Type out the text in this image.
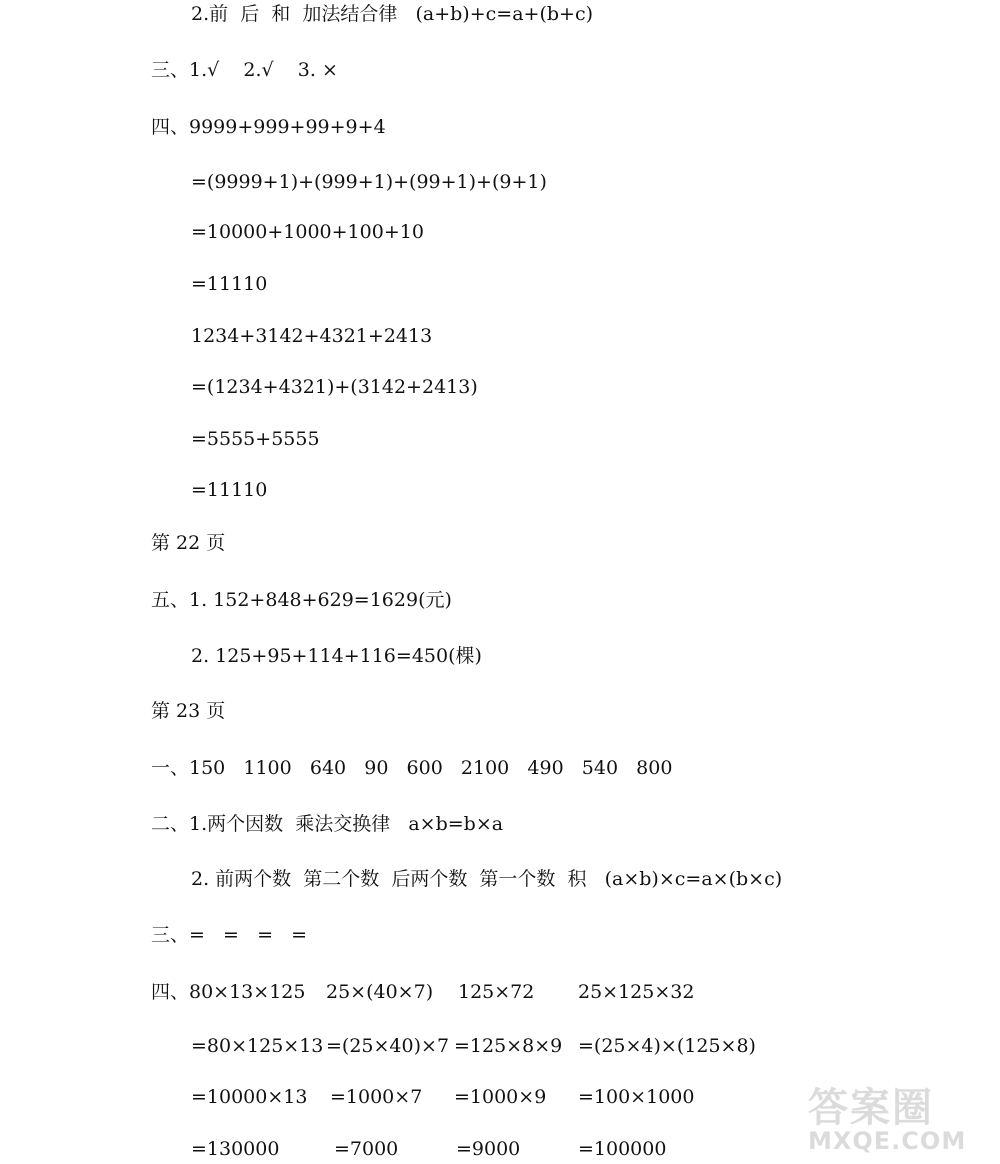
2.前  后  和  加法结合律   (a+b)+c=a+(b+c)
三、1.√    2.√    3. ×
四、9999+999+99+9+4
=(9999+1)+(999+1)+(99+1)+(9+1)
=10000+1000+100+10
=11110
1234+3142+4321+2413
=(1234+4321)+(3142+2413)
=5555+5555
=11110
第 22 页
五、1. 152+848+629=1629(元)
2. 125+95+114+116=450(棵)
第 23 页
一、150   1100   640   90   600   2100   490   540   800
二、1.两个因数  乘法交换律   a×b=b×a
2. 前两个数  第二个数  后两个数  第一个数  积   (a×b)×c=a×(b×c)
三、=   =   =   =
四、80×13×125 25×(40×7) 125×72 25×125×32
=80×125×13 =(25×40)×7 =125×8×9 =(25×4)×(125×8)
=10000×13 =1000×7 =1000×9 =100×1000
=130000	=7000	=9000	=100000
答案圈
MXQE.COM
